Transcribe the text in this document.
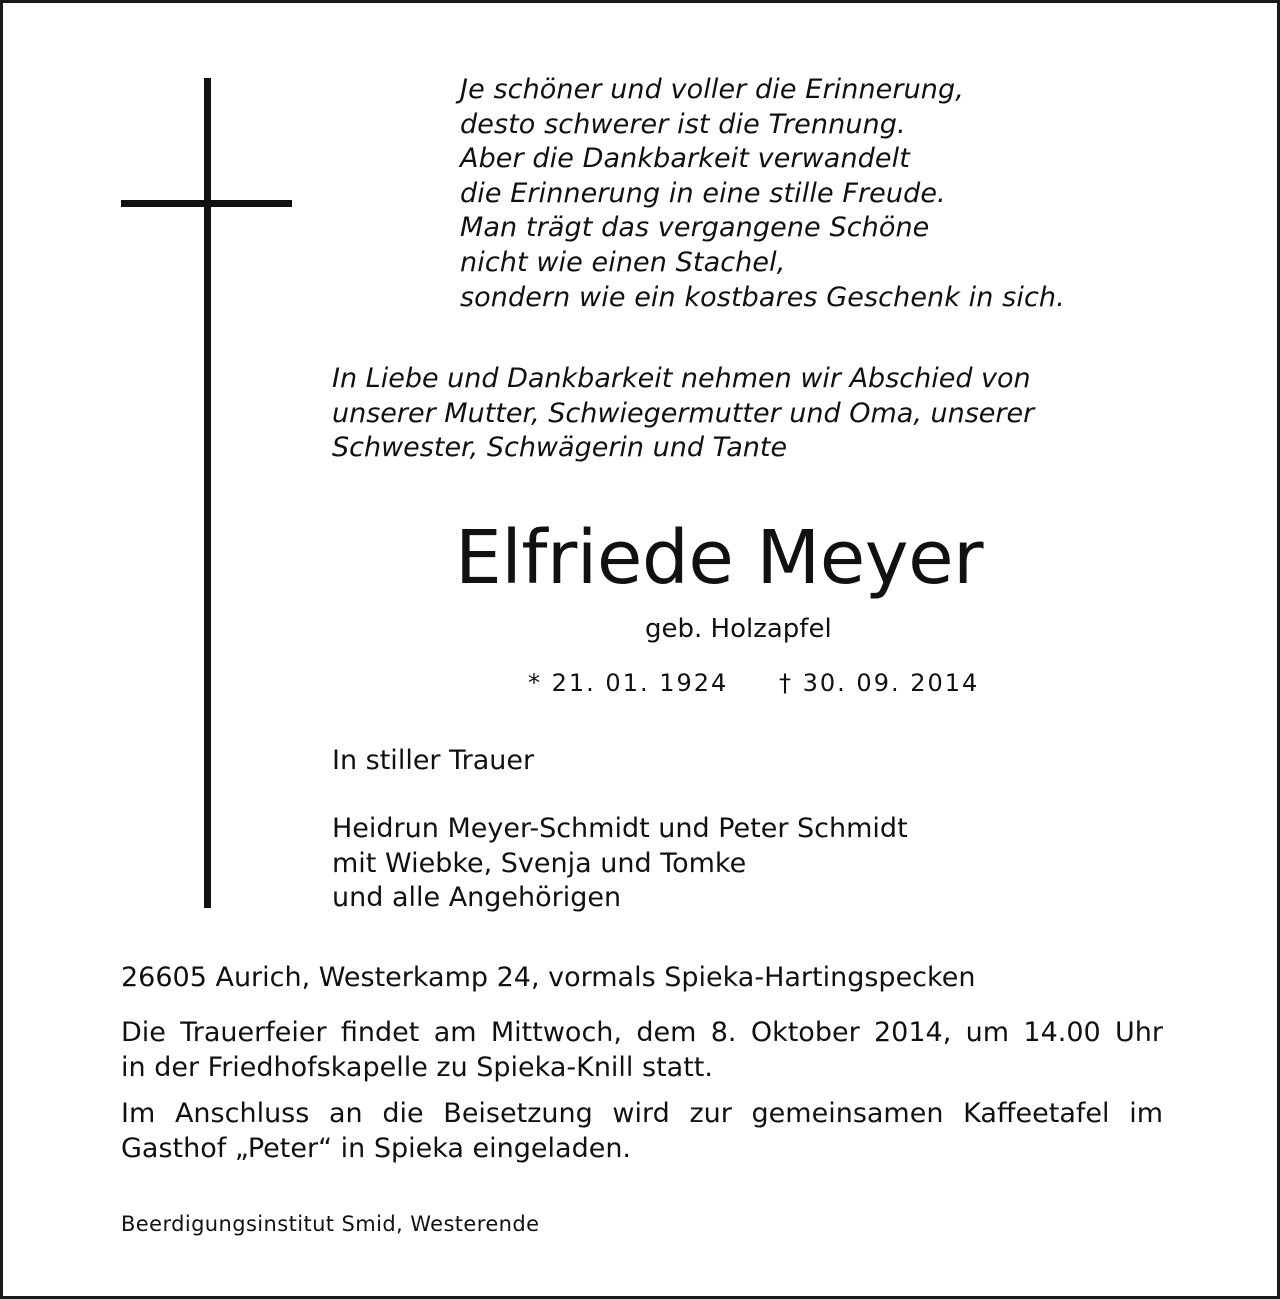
Je schöner und voller die Erinnerung,
desto schwerer ist die Trennung.
Aber die Dankbarkeit verwandelt
die Erinnerung in eine stille Freude.
Man trägt das vergangene Schöne
nicht wie einen Stachel,
sondern wie ein kostbares Geschenk in sich.
In Liebe und Dankbarkeit nehmen wir Abschied von
unserer Mutter, Schwiegermutter und Oma, unserer
Schwester, Schwägerin und Tante
Elfriede Meyer
geb. Holzapfel
* 21. 01. 1924 † 30. 09. 2014
In stiller Trauer
Heidrun Meyer-Schmidt und Peter Schmidt
mit Wiebke, Svenja und Tomke
und alle Angehörigen
26605 Aurich, Westerkamp 24, vormals Spieka-Hartingspecken
Die Trauerfeier findet am Mittwoch, dem 8. Oktober 2014, um 14.00 Uhr
in der Friedhofskapelle zu Spieka-Knill statt.
Im Anschluss an die Beisetzung wird zur gemeinsamen Kaffeetafel im
Gasthof „Peter“ in Spieka eingeladen.
Beerdigungsinstitut Smid, Westerende
